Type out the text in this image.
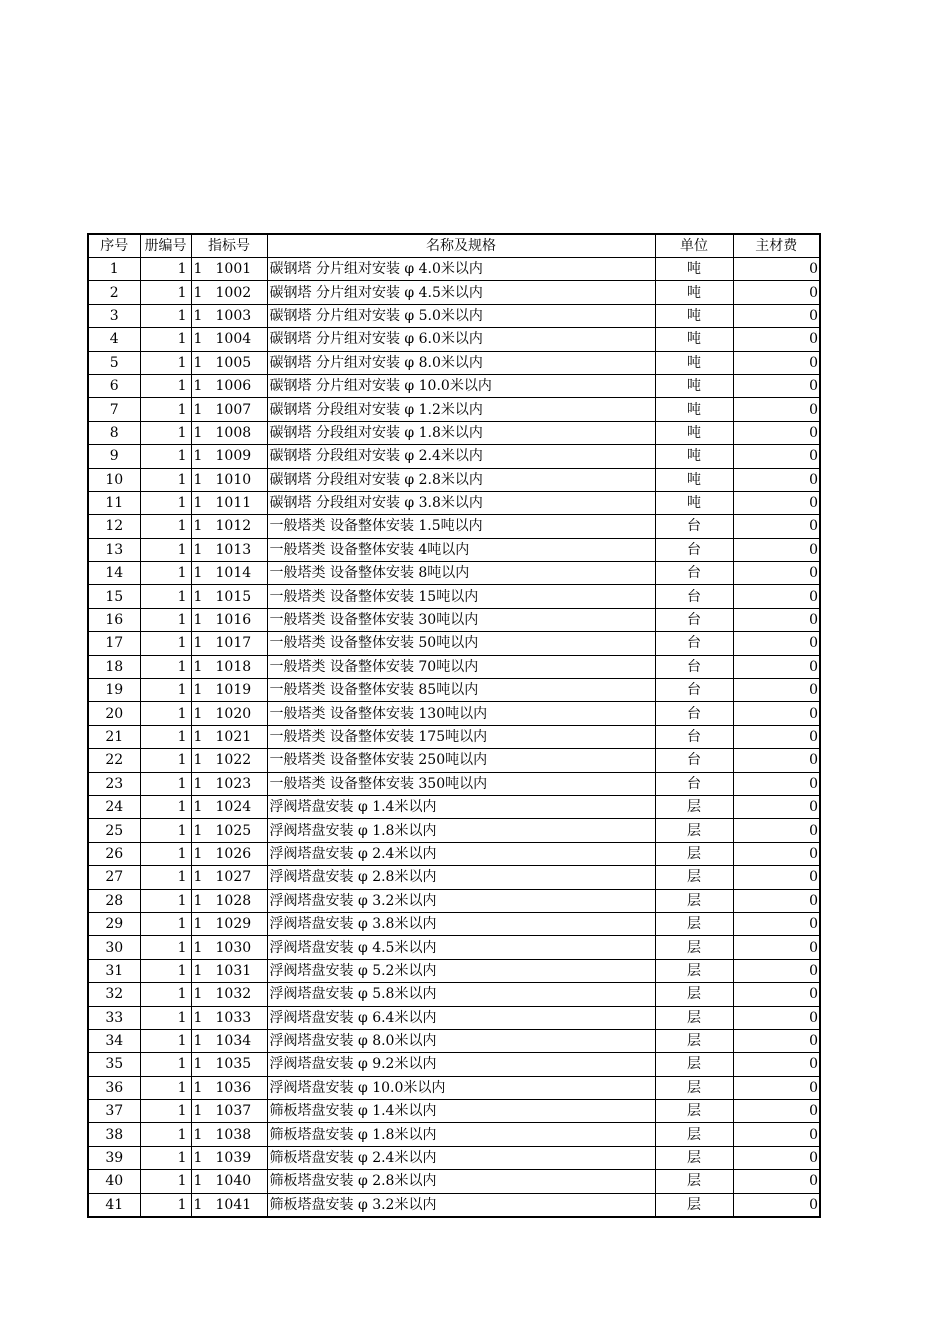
序号	册编号	指标号	名称及规格	单位	主材费
1	1	1 1001	碳钢塔 分片组对安装 φ 4.0米以内	吨	0
2	1	1 1002	碳钢塔 分片组对安装 φ 4.5米以内	吨	0
3	1	1 1003	碳钢塔 分片组对安装 φ 5.0米以内	吨	0
4	1	1 1004	碳钢塔 分片组对安装 φ 6.0米以内	吨	0
5	1	1 1005	碳钢塔 分片组对安装 φ 8.0米以内	吨	0
6	1	1 1006	碳钢塔 分片组对安装 φ 10.0米以内	吨	0
7	1	1 1007	碳钢塔 分段组对安装 φ 1.2米以内	吨	0
8	1	1 1008	碳钢塔 分段组对安装 φ 1.8米以内	吨	0
9	1	1 1009	碳钢塔 分段组对安装 φ 2.4米以内	吨	0
10	1	1 1010	碳钢塔 分段组对安装 φ 2.8米以内	吨	0
11	1	1 1011	碳钢塔 分段组对安装 φ 3.8米以内	吨	0
12	1	1 1012	一般塔类 设备整体安装 1.5吨以内	台	0
13	1	1 1013	一般塔类 设备整体安装 4吨以内	台	0
14	1	1 1014	一般塔类 设备整体安装 8吨以内	台	0
15	1	1 1015	一般塔类 设备整体安装 15吨以内	台	0
16	1	1 1016	一般塔类 设备整体安装 30吨以内	台	0
17	1	1 1017	一般塔类 设备整体安装 50吨以内	台	0
18	1	1 1018	一般塔类 设备整体安装 70吨以内	台	0
19	1	1 1019	一般塔类 设备整体安装 85吨以内	台	0
20	1	1 1020	一般塔类 设备整体安装 130吨以内	台	0
21	1	1 1021	一般塔类 设备整体安装 175吨以内	台	0
22	1	1 1022	一般塔类 设备整体安装 250吨以内	台	0
23	1	1 1023	一般塔类 设备整体安装 350吨以内	台	0
24	1	1 1024	浮阀塔盘安装 φ 1.4米以内	层	0
25	1	1 1025	浮阀塔盘安装 φ 1.8米以内	层	0
26	1	1 1026	浮阀塔盘安装 φ 2.4米以内	层	0
27	1	1 1027	浮阀塔盘安装 φ 2.8米以内	层	0
28	1	1 1028	浮阀塔盘安装 φ 3.2米以内	层	0
29	1	1 1029	浮阀塔盘安装 φ 3.8米以内	层	0
30	1	1 1030	浮阀塔盘安装 φ 4.5米以内	层	0
31	1	1 1031	浮阀塔盘安装 φ 5.2米以内	层	0
32	1	1 1032	浮阀塔盘安装 φ 5.8米以内	层	0
33	1	1 1033	浮阀塔盘安装 φ 6.4米以内	层	0
34	1	1 1034	浮阀塔盘安装 φ 8.0米以内	层	0
35	1	1 1035	浮阀塔盘安装 φ 9.2米以内	层	0
36	1	1 1036	浮阀塔盘安装 φ 10.0米以内	层	0
37	1	1 1037	筛板塔盘安装 φ 1.4米以内	层	0
38	1	1 1038	筛板塔盘安装 φ 1.8米以内	层	0
39	1	1 1039	筛板塔盘安装 φ 2.4米以内	层	0
40	1	1 1040	筛板塔盘安装 φ 2.8米以内	层	0
41	1	1 1041	筛板塔盘安装 φ 3.2米以内	层	0
